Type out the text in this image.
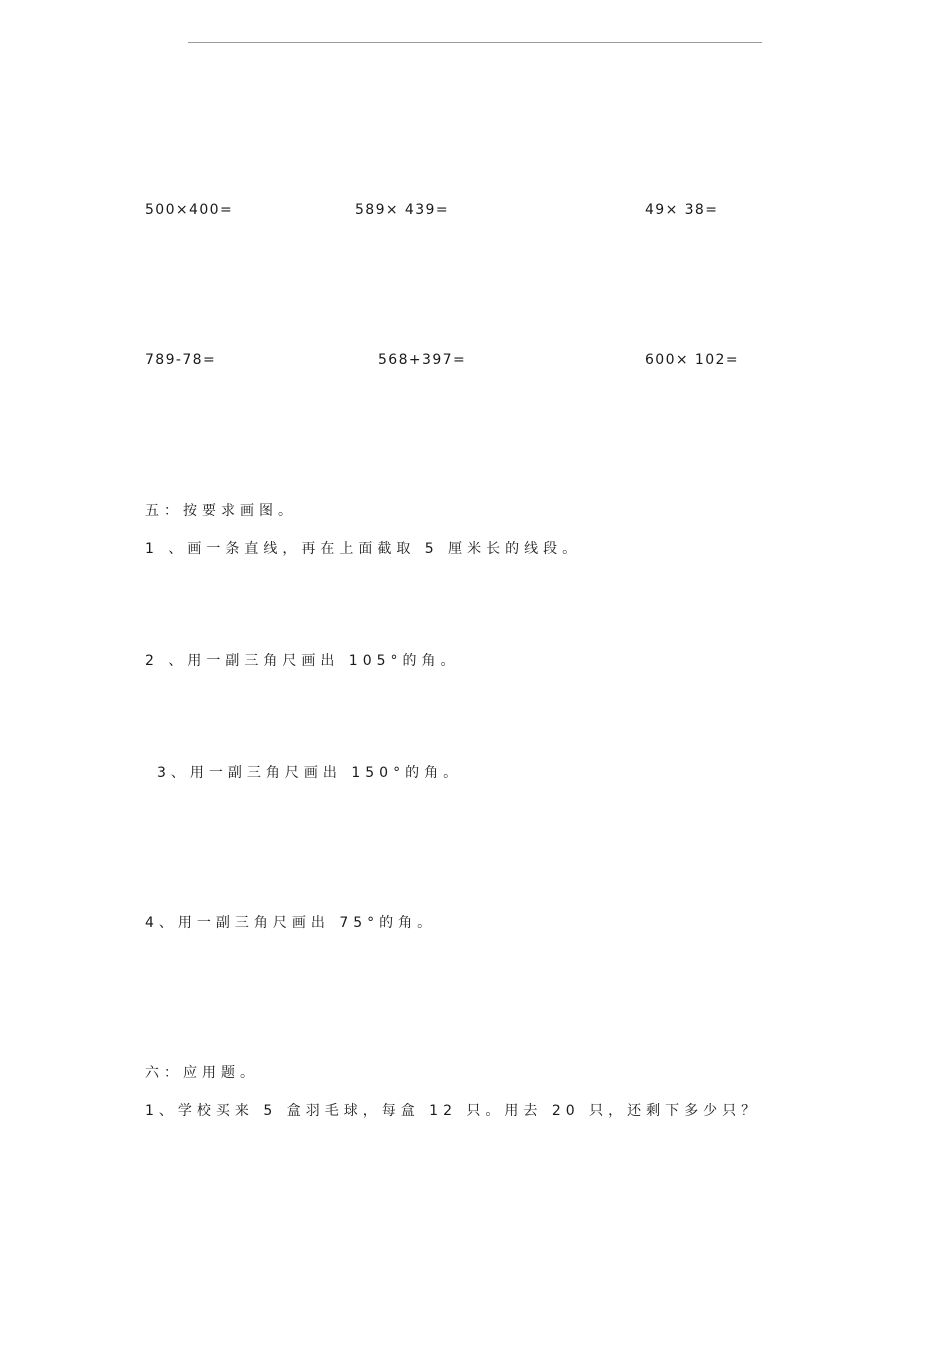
500×400=	589× 439=	49× 38=
789-78=	568+397=	600× 102=
五：按要求画图。
1 、画一条直线，再在上面截取 5 厘米长的线段。
2 、用一副三角尺画出 105°的角。
3、用一副三角尺画出 150°的角。
4、用一副三角尺画出 75°的角。
六：应用题。
1、学校买来 5 盒羽毛球，每盒 12 只。用去 20 只，还剩下多少只？
